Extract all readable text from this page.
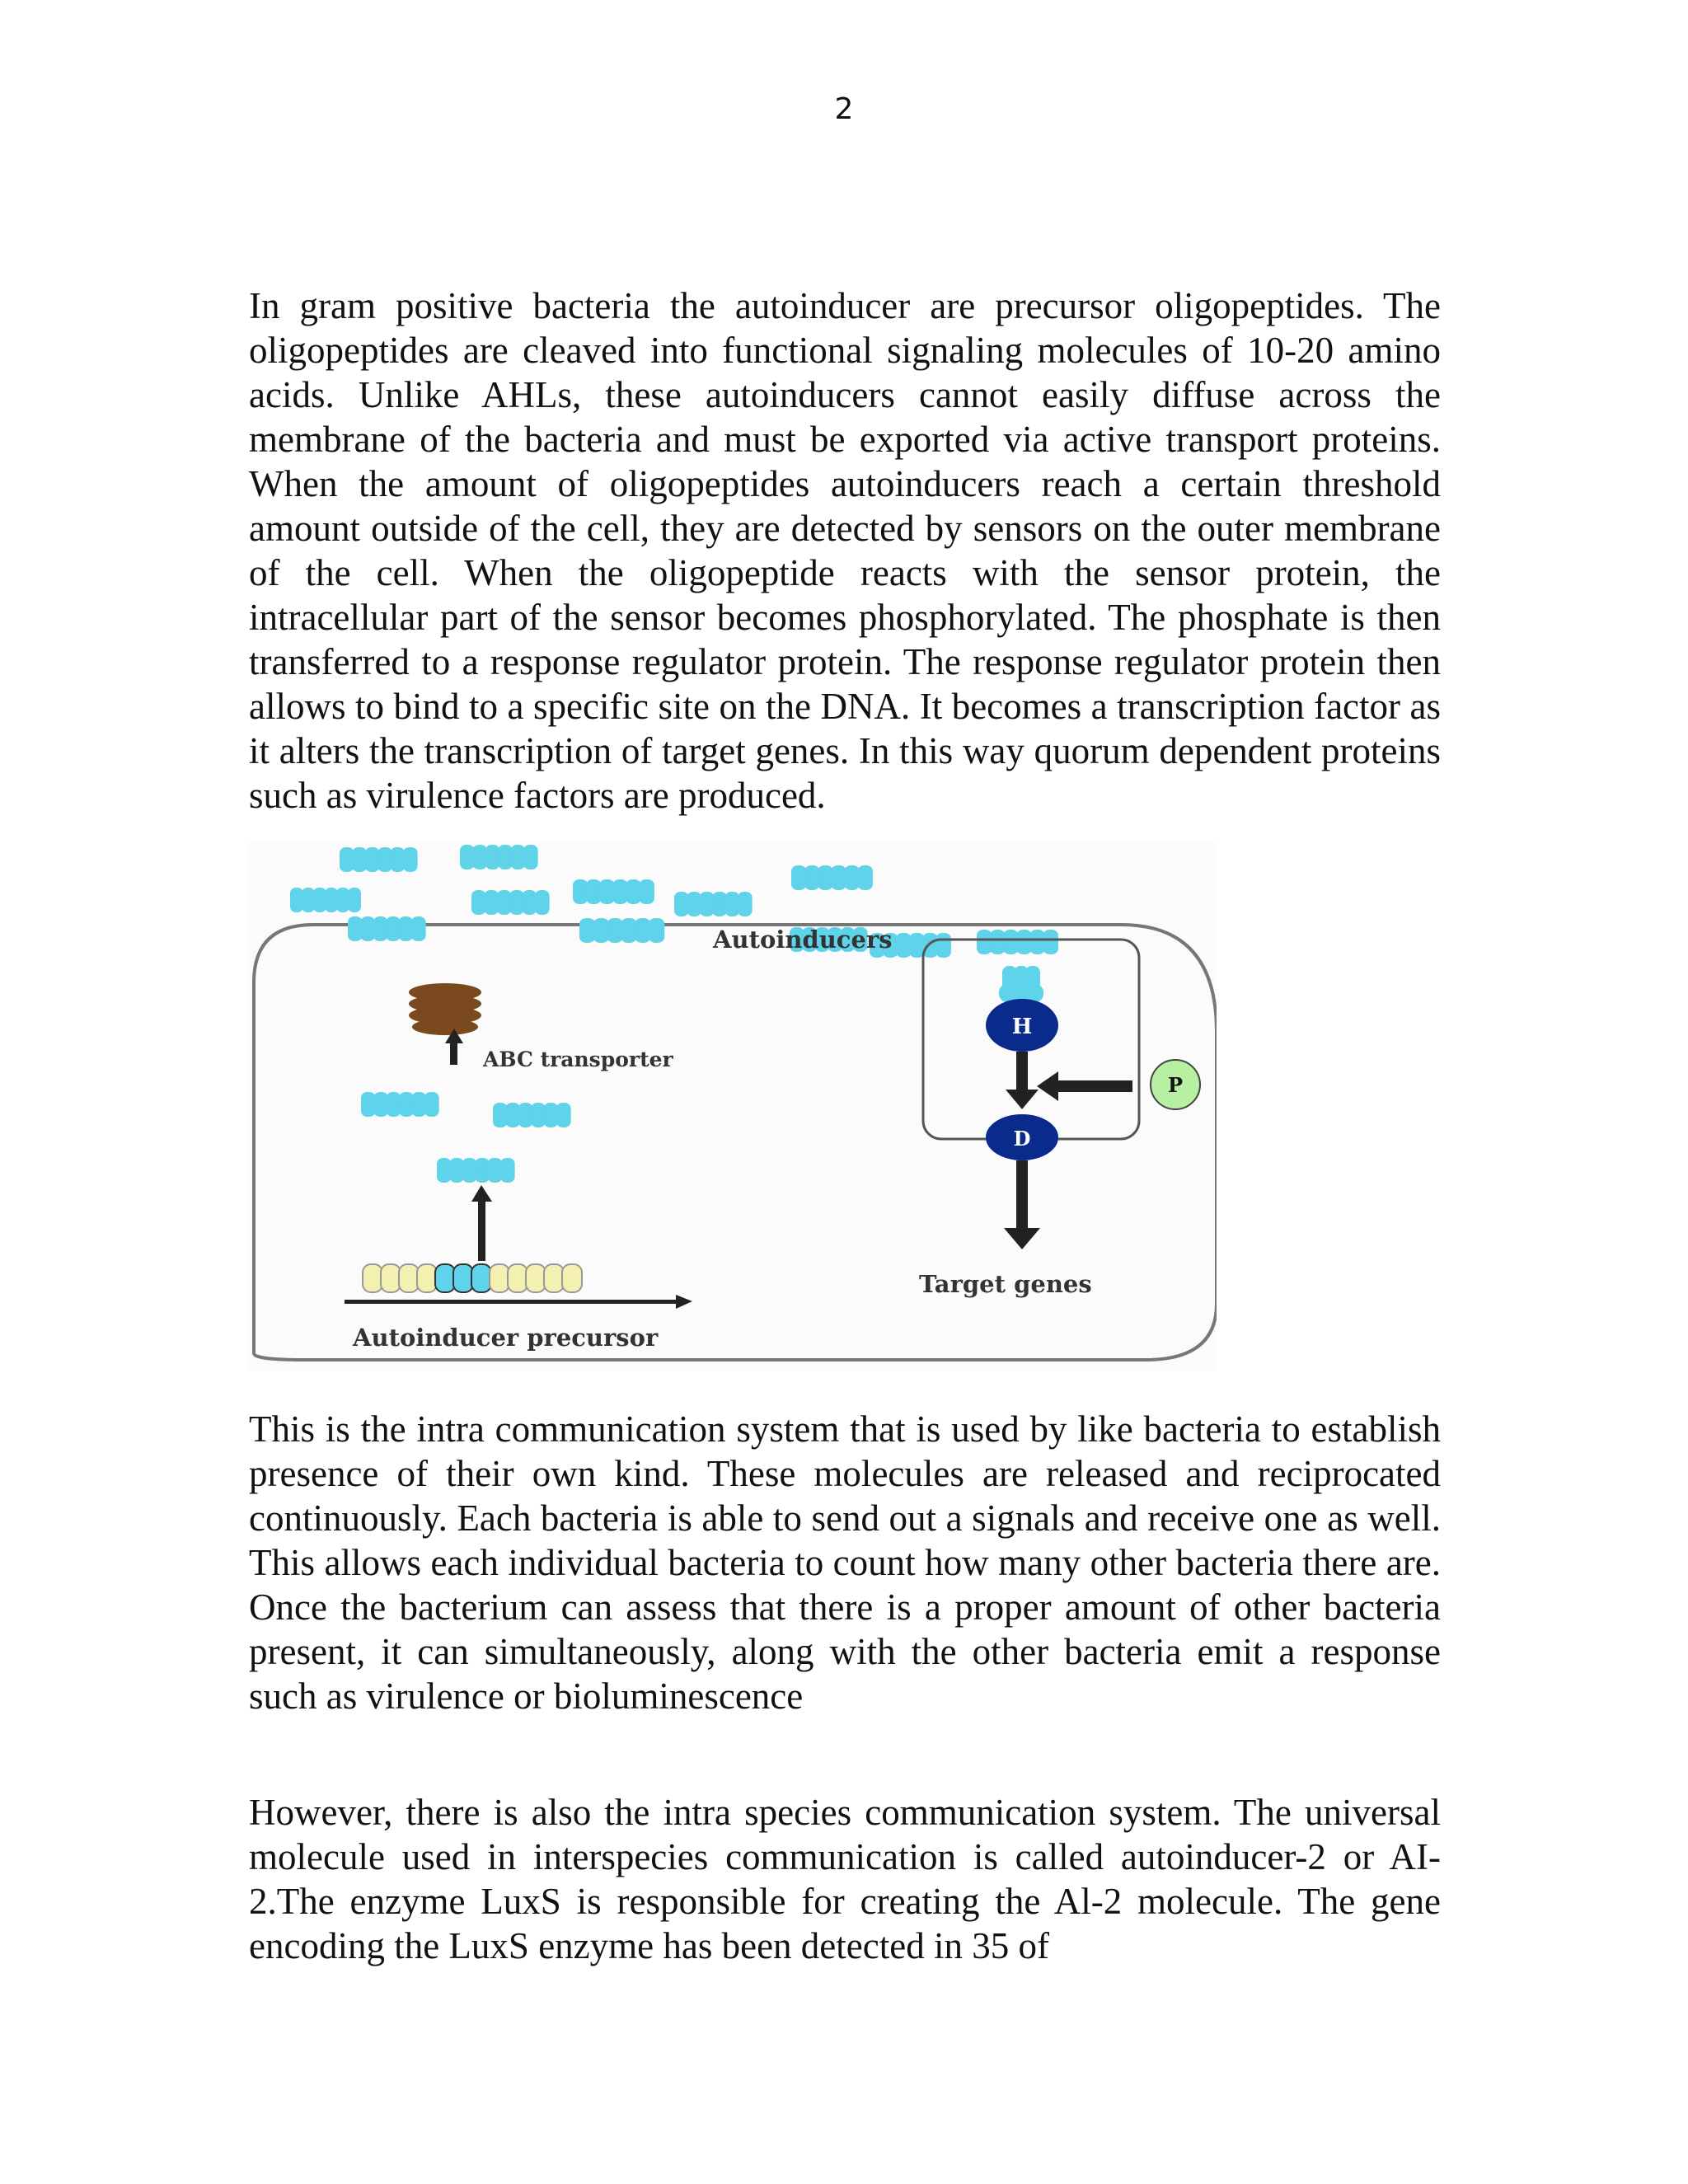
2

In gram positive bacteria the autoinducer are precursor oligopeptides. The oligopeptides are cleaved into functional signaling molecules of 10-20 amino acids. Unlike AHLs, these autoinducers cannot easily diffuse across the membrane of the bacteria and must be exported via active transport proteins. When the amount of oligopeptides autoinducers reach a certain threshold amount outside of the cell, they are detected by sensors on the outer membrane of the cell. When the oligopeptide reacts with the sensor protein, the intracellular part of the sensor becomes phosphorylated. The phosphate is then transferred to a response regulator protein. The response regulator protein then allows to bind to a specific site on the DNA. It becomes a transcription factor as it alters the transcription of target genes. In this way quorum dependent proteins such as virulence factors are produced.

Autoinducers
ABC transporter
Autoinducer precursor
H
P
D
Target genes

This is the intra communication system that is used by like bacteria to establish presence of their own kind. These molecules are released and reciprocated continuously. Each bacteria is able to send out a signals and receive one as well. This allows each individual bacteria to count how many other bacteria there are. Once the bacterium can assess that there is a proper amount of other bacteria present, it can simultaneously, along with the other bacteria emit a response such as virulence or bioluminescence

However, there is also the intra species communication system. The universal molecule used in interspecies communication is called autoinducer-2 or AI-2.The enzyme LuxS is responsible for creating the Al-2 molecule. The gene encoding the LuxS enzyme has been detected in 35 of
